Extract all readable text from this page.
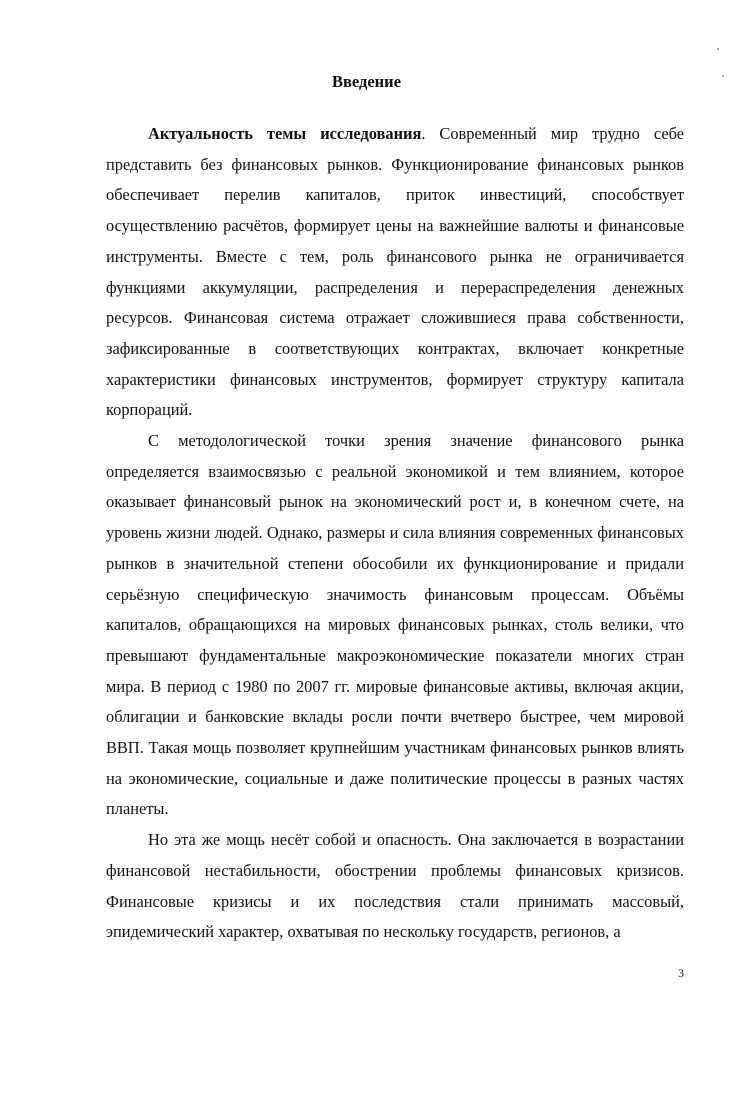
Введение

Актуальность темы исследования. Современный мир трудно себе представить без финансовых рынков. Функционирование финансовых рынков обеспечивает перелив капиталов, приток инвестиций, способствует осуществлению расчётов, формирует цены на важнейшие валюты и финансовые инструменты. Вместе с тем, роль финансового рынка не ограничивается функциями аккумуляции, распределения и перераспределения денежных ресурсов. Финансовая система отражает сложившиеся права собственности, зафиксированные в соответствующих контрактах, включает конкретные характеристики финансовых инструментов, формирует структуру капитала корпораций.

С методологической точки зрения значение финансового рынка определяется взаимосвязью с реальной экономикой и тем влиянием, которое оказывает финансовый рынок на экономический рост и, в конечном счете, на уровень жизни людей. Однако, размеры и сила влияния современных финансовых рынков в значительной степени обособили их функционирование и придали серьёзную специфическую значимость финансовым процессам. Объёмы капиталов, обращающихся на мировых финансовых рынках, столь велики, что превышают фундаментальные макроэкономические показатели многих стран мира. В период с 1980 по 2007 гг. мировые финансовые активы, включая акции, облигации и банковские вклады росли почти вчетверо быстрее, чем мировой ВВП. Такая мощь позволяет крупнейшим участникам финансовых рынков влиять на экономические, социальные и даже политические процессы в разных частях планеты.

Но эта же мощь несёт собой и опасность. Она заключается в возрастании финансовой нестабильности, обострении проблемы финансовых кризисов. Финансовые кризисы и их последствия стали принимать массовый, эпидемический характер, охватывая по нескольку государств, регионов, а

3
